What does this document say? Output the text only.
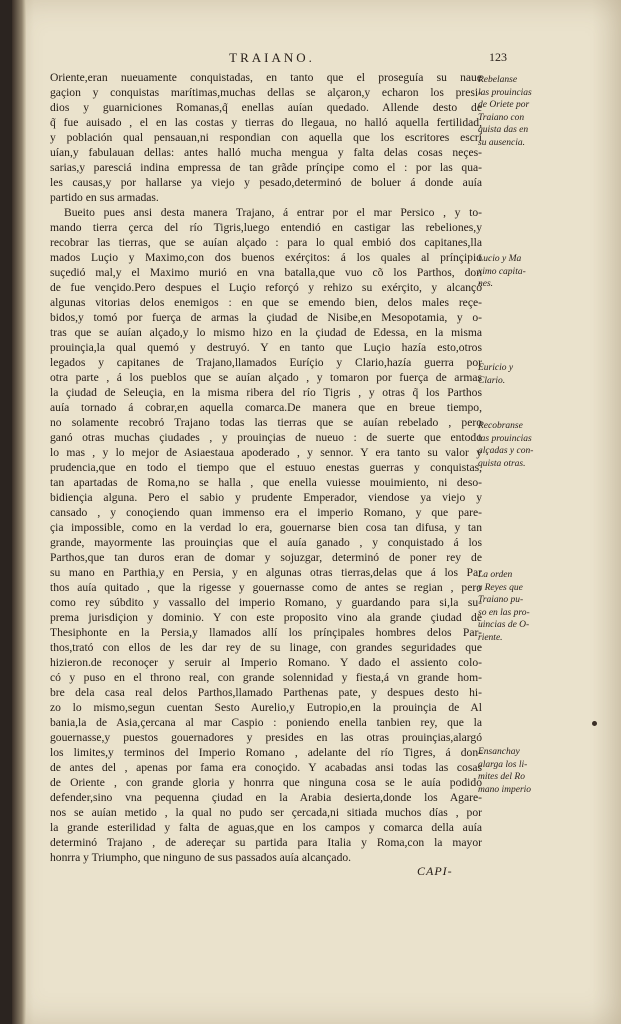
TRAIANO.	123
Oriente,eran nueuamente conquistadas, en tanto que el proseguía su naue
gaçion y conquistas marítimas,muchas dellas se alçaron,y echaron los presi-
dios y guarniciones Romanas,q̃ enellas auían quedado. Allende desto de
q̃ fue auisado , el en las costas y tierras do llegaua, no halló aquella fertilidad,
y población qual pensauan,ni respondian con aquella que los escritores escri
uían,y fabulauan dellas: antes halló mucha mengua y falta delas cosas neçes-
sarias,y paresciá indina empressa de tan grãde prínçipe como el : por las qua-
les causas,y por hallarse ya viejo y pesado,determinó de boluer á donde auía
partido en sus armadas.
Bueito pues ansi desta manera Trajano, á entrar por el mar Persico , y to-
mando tierra çerca del río Tigris,luego entendió en castigar las rebeliones,y
recobrar las tierras, que se auían alçado : para lo qual embió dos capitanes,lla
mados Luçio y Maximo,con dos buenos exérçitos: á los quales al prínçipio
suçedió mal,y el Maximo murió en vna batalla,que vuo cõ los Parthos, don
de fue vençido.Pero despues el Luçio reforçó y rehizo su exérçito, y alcançó
algunas vitorias delos enemigos : en que se emendo bien, delos males reçe-
bidos,y tomó por fuerça de armas la çiudad de Nisibe,en Mesopotamia, y o-
tras que se auían alçado,y lo mismo hizo en la çiudad de Edessa, en la misma
prouinçia,la qual quemó y destruyó. Y en tanto que Luçio hazía esto,otros
legados y capitanes de Trajano,llamados Euríçio y Clario,hazía guerra por
otra parte , á los pueblos que se auían alçado , y tomaron por fuerça de armas
la çiudad de Seleuçia, en la misma ribera del río Tigris , y otras q̃ los Parthos
auía tornado á cobrar,en aquella comarca.De manera que en breue tiempo,
no solamente recobró Trajano todas las tierras que se auían rebelado , pero
ganó otras muchas çiudades , y prouinçias de nueuo : de suerte que entodo
lo mas , y lo mejor de Asiaestaua apoderado , y sennor. Y era tanto su valor y
prudencia,que en todo el tiempo que el estuuo enestas guerras y conquistas,
tan apartadas de Roma,no se halla , que enella vuiesse mouimiento, ni deso-
bidiençia alguna. Pero el sabio y prudente Emperador, viendose ya viejo y
cansado , y conoçiendo quan immenso era el imperio Romano, y que pare-
çia impossible, como en la verdad lo era, gouernarse bien cosa tan difusa, y tan
grande, mayormente las prouinçias que el auía ganado , y conquistado á los
Parthos,que tan duros eran de domar y sojuzgar, determinó de poner rey de
su mano en Parthia,y en Persia, y en algunas otras tierras,delas que á los Par
thos auía quitado , que la rigesse y gouernasse como de antes se regian , pero
como rey súbdito y vassallo del imperio Romano, y guardando para si,la su-
prema jurisdiçion y dominio. Y con este proposito vino ala grande çiudad de
Thesiphonte en la Persia,y llamados allí los prínçipales hombres delos Par-
thos,trató con ellos de les dar rey de su linage, con grandes seguridades que
hizieron.de reconoçer y seruir al Imperio Romano. Y dado el assiento colo-
có y puso en el throno real, con grande solennidad y fiesta,á vn grande hom-
bre dela casa real delos Parthos,llamado Parthenas pate, y despues desto hi-
zo lo mismo,segun cuentan Sesto Aurelio,y Eutropio,en la prouinçia de Al
bania,la de Asia,çercana al mar Caspio : poniendo enella tanbien rey, que la
gouernasse,y puestos gouernadores y presides en las otras prouinçias,alargó
los limites,y terminos del Imperio Romano , adelante del río Tigres, á don-
de antes del , apenas por fama era conoçido. Y acabadas ansi todas las cosas
de Oriente , con grande gloria y honrra que ninguna cosa se le auía podido
defender,sino vna pequenna çiudad en la Arabia desierta,donde los Agare-
nos se auían metido , la qual no pudo ser çercada,ni sitiada muchos días , por
la grande esterilidad y falta de aguas,que en los campos y comarca della auía
determinó Trajano , de adereçar su partida para Italia y Roma,con la mayor
honrra y Triumpho, que ninguno de sus passados auía alcançado.
Rebelanse
las prouincias
de Oriete por
Traiano con
quista das en
su ausencia.
Lucio y Ma
ximo capita-
nes.
Euricio y
Clario.
Recobranse
las prouincias
alçadas y con-
quista otras.
La orden
y Reyes que
Traiano pu-
so en las pro-
uincias de O-
riente.
Ensanchay
alarga los li-
mites del Ro
mano imperio
CAPI-
